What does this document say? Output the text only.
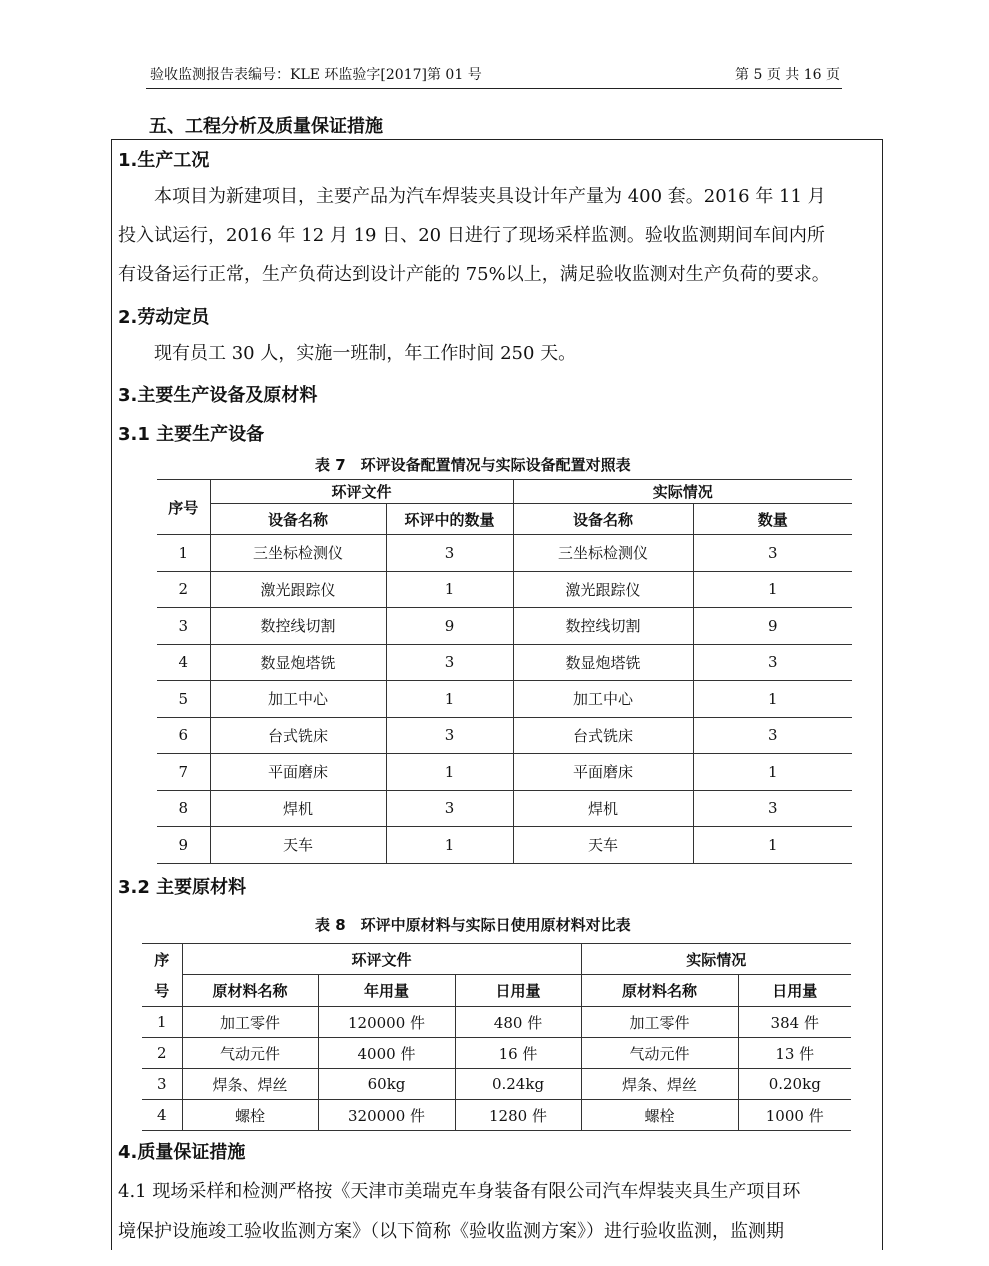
验收监测报告表编号：KLE 环监验字[2017]第 01 号	第 5 页 共 16 页
五、工程分析及质量保证措施
1.生产工况
本项目为新建项目，主要产品为汽车焊装夹具设计年产量为 400 套。2016 年 11 月
投入试运行，2016 年 12 月 19 日、20 日进行了现场采样监测。验收监测期间车间内所
有设备运行正常，生产负荷达到设计产能的 75%以上，满足验收监测对生产负荷的要求。
2.劳动定员
现有员工 30 人，实施一班制，年工作时间 250 天。
3.主要生产设备及原材料
3.1 主要生产设备
表 7　环评设备配置情况与实际设备配置对照表
序号	环评文件		实际情况	
	设备名称	环评中的数量	设备名称	数量
1	三坐标检测仪	3	三坐标检测仪	3
2	激光跟踪仪	1	激光跟踪仪	1
3	数控线切割	9	数控线切割	9
4	数显炮塔铣	3	数显炮塔铣	3
5	加工中心	1	加工中心	1
6	台式铣床	3	台式铣床	3
7	平面磨床	1	平面磨床	1
8	焊机	3	焊机	3
9	天车	1	天车	1
3.2 主要原材料
表 8　环评中原材料与实际日使用原材料对比表
序	环评文件			实际情况	
号	原材料名称	年用量	日用量	原材料名称	日用量
1	加工零件	120000 件	480 件	加工零件	384 件
2	气动元件	4000 件	16 件	气动元件	13 件
3	焊条、焊丝	60kg	0.24kg	焊条、焊丝	0.20kg
4	螺栓	320000 件	1280 件	螺栓	1000 件
4.质量保证措施
4.1 现场采样和检测严格按《天津市美瑞克车身装备有限公司汽车焊装夹具生产项目环
境保护设施竣工验收监测方案》（以下简称《验收监测方案》）进行验收监测，监测期
